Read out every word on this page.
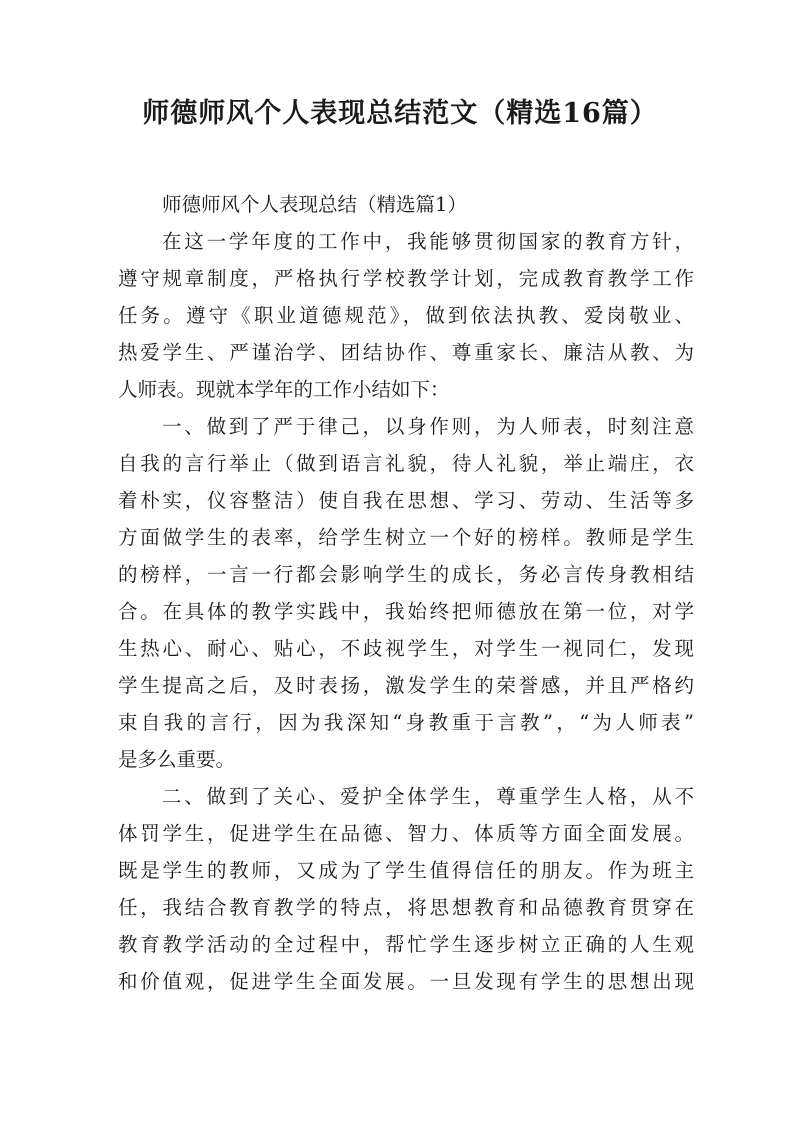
师德师风个人表现总结范文（精选16篇）

师德师风个人表现总结（精选篇1）

在这一学年度的工作中，我能够贯彻国家的教育方针，
遵守规章制度，严格执行学校教学计划，完成教育教学工作
任务。遵守《职业道德规范》，做到依法执教、爱岗敬业、
热爱学生、严谨治学、团结协作、尊重家长、廉洁从教、为
人师表。现就本学年的工作小结如下：

一、做到了严于律己，以身作则，为人师表，时刻注意
自我的言行举止（做到语言礼貌，待人礼貌，举止端庄，衣
着朴实，仪容整洁）使自我在思想、学习、劳动、生活等多
方面做学生的表率，给学生树立一个好的榜样。教师是学生
的榜样，一言一行都会影响学生的成长，务必言传身教相结
合。在具体的教学实践中，我始终把师德放在第一位，对学
生热心、耐心、贴心，不歧视学生，对学生一视同仁，发现
学生提高之后，及时表扬，激发学生的荣誉感，并且严格约
束自我的言行，因为我深知“身教重于言教”，“为人师表”
是多么重要。

二、做到了关心、爱护全体学生，尊重学生人格，从不
体罚学生，促进学生在品德、智力、体质等方面全面发展。
既是学生的教师，又成为了学生值得信任的朋友。作为班主
任，我结合教育教学的特点，将思想教育和品德教育贯穿在
教育教学活动的全过程中，帮忙学生逐步树立正确的人生观
和价值观，促进学生全面发展。一旦发现有学生的思想出现
